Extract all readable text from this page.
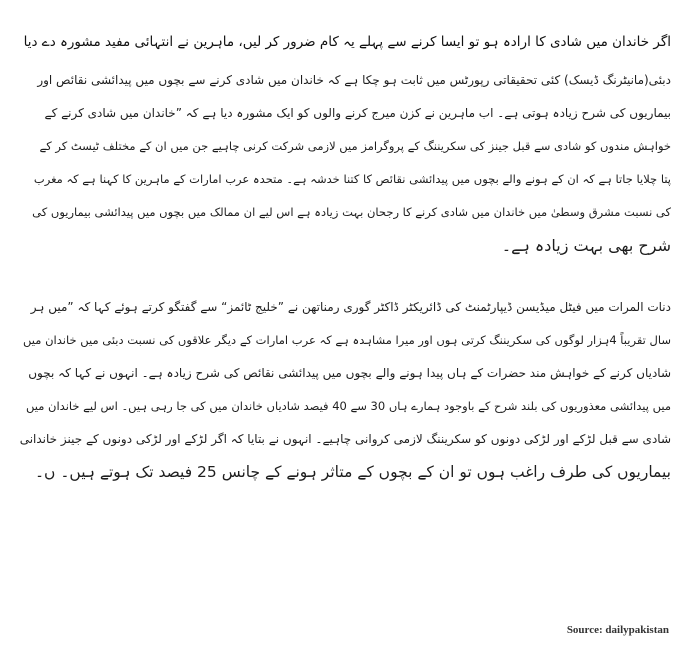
اگر خاندان میں شادی کا ارادہ ہو تو ایسا کرنے سے پہلے یہ کام ضرور کر لیں، ماہرین نے انتہائی مفید مشورہ دے دیا
دبئی(مانیٹرنگ ڈیسک) کئی تحقیقاتی رپورٹس میں ثابت ہو چکا ہے کہ خاندان میں شادی کرنے سے بچوں میں پیدائشی نقائص اور
بیماریوں کی شرح زیادہ ہوتی ہے۔ اب ماہرین نے کزن میرج کرنے والوں کو ایک مشورہ دیا ہے کہ ”خاندان میں شادی کرنے کے
خواہش مندوں کو شادی سے قبل جینز کی سکریننگ کے پروگرامز میں لازمی شرکت کرنی چاہیے جن میں ان کے مختلف ٹیسٹ کر کے
پتا چلایا جاتا ہے کہ ان کے ہونے والے بچوں میں پیدائشی نقائص کا کتنا خدشہ ہے۔ متحدہ عرب امارات کے ماہرین کا کہنا ہے کہ مغرب
کی نسبت مشرق وسطیٰ میں خاندان میں شادی کرنے کا رجحان بہت زیادہ ہے اس لیے ان ممالک میں بچوں میں پیدائشی بیماریوں کی
شرح بھی بہت زیادہ ہے۔
دنات المرات میں فیٹل میڈیسن ڈیپارٹمنٹ کی ڈائریکٹر ڈاکٹر گوری رمناتھن نے ”خلیج ٹائمز“ سے گفتگو کرتے ہوئے کہا کہ ”میں ہر
سال تقریباً 4ہزار لوگوں کی سکریننگ کرتی ہوں اور میرا مشاہدہ ہے کہ عرب امارات کے دیگر علاقوں کی نسبت دبئی میں خاندان میں
شادیاں کرنے کے خواہش مند حضرات کے ہاں پیدا ہونے والے بچوں میں پیدائشی نقائص کی شرح زیادہ ہے۔ انہوں نے کہا کہ بچوں
میں پیدائشی معذوریوں کی بلند شرح کے باوجود ہمارے ہاں 30 سے 40 فیصد شادیاں خاندان میں کی جا رہی ہیں۔ اس لیے خاندان میں
شادی سے قبل لڑکے اور لڑکی دونوں کو سکریننگ لازمی کروانی چاہیے۔ انہوں نے بتایا کہ اگر لڑکے اور لڑکی دونوں کے جینز خاندانی
بیماریوں کی طرف راغب ہوں تو ان کے بچوں کے متاثر ہونے کے چانس 25 فیصد تک ہوتے ہیں۔ ں۔
Source: dailypakistan
